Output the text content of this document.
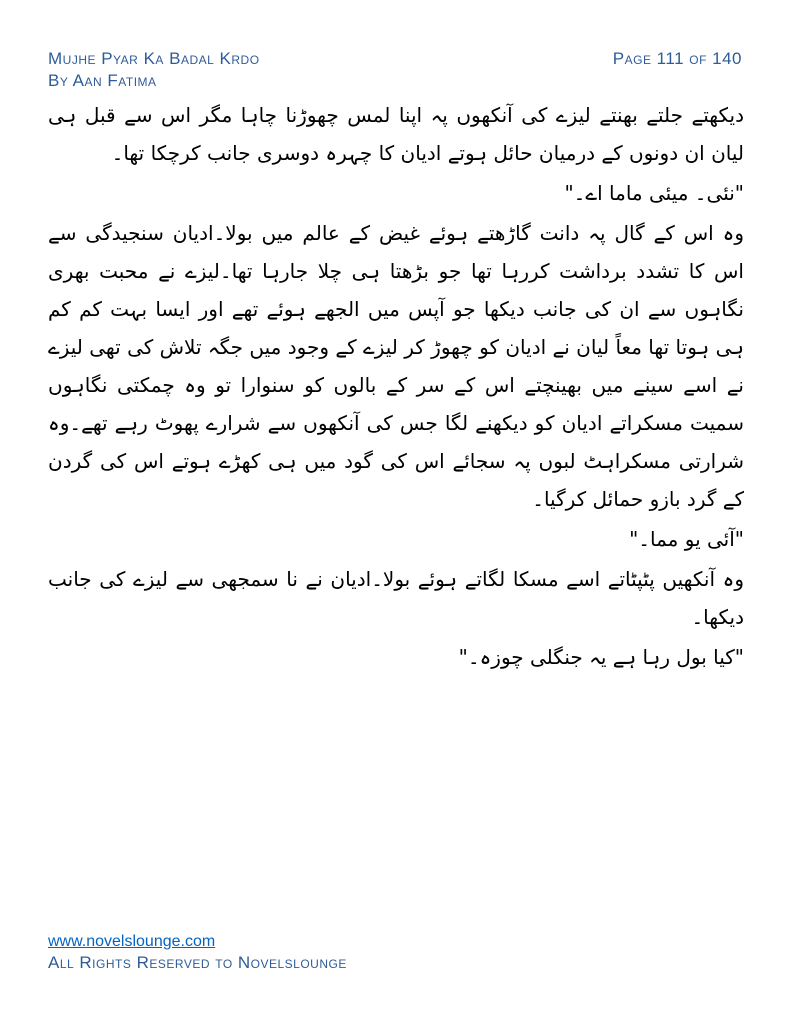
Mujhe Pyar Ka Badal Krdo
By Aan Fatima
Page 111 of 140

دیکھتے جلتے بھنتے لیزے کی آنکھوں پہ اپنا لمس چھوڑنا چاہا مگر اس سے قبل ہی لیان ان دونوں کے درمیان حائل ہوتے ادیان کا چہرہ دوسری جانب کرچکا تھا۔

"نئی۔ میئی ماما اے۔"

وہ اس کے گال پہ دانت گاڑھتے ہوئے غیض کے عالم میں بولا۔ادیان سنجیدگی سے اس کا تشدد برداشت کررہا تھا جو بڑھتا ہی چلا جارہا تھا۔لیزے نے محبت بھری نگاہوں سے ان کی جانب دیکھا جو آپس میں الجھے ہوئے تھے اور ایسا بہت کم کم ہی ہوتا تھا معاً لیان نے ادیان کو چھوڑ کر لیزے کے وجود میں جگہ تلاش کی تھی لیزے نے اسے سینے میں بھینچتے اس کے سر کے بالوں کو سنوارا تو وہ چمکتی نگاہوں سمیت مسکراتے ادیان کو دیکھنے لگا جس کی آنکھوں سے شرارے پھوٹ رہے تھے۔وہ شرارتی مسکراہٹ لبوں پہ سجائے اس کی گود میں ہی کھڑے ہوتے اس کی گردن کے گرد بازو حمائل کرگیا۔

"آئی یو مما۔"

وہ آنکھیں پٹپٹاتے اسے مسکا لگاتے ہوئے بولا۔ادیان نے نا سمجھی سے لیزے کی جانب دیکھا۔

"کیا بول رہا ہے یہ جنگلی چوزہ۔"

www.novelslounge.com
All Rights Reserved to Novelslounge
